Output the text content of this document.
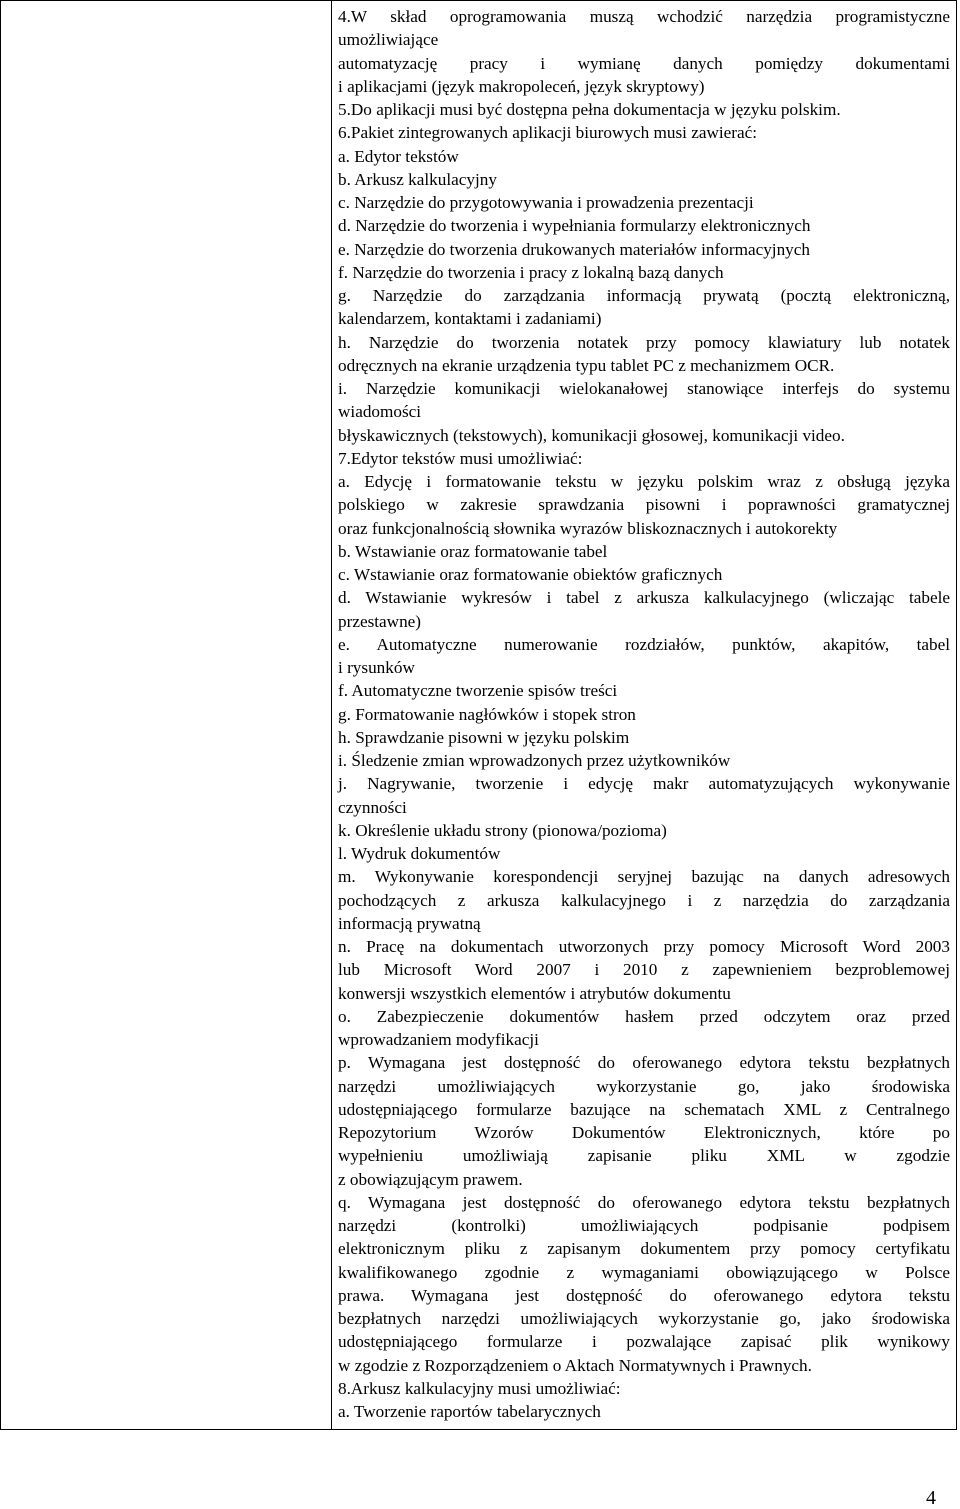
4.W skład oprogramowania muszą wchodzić narzędzia programistyczne
umożliwiające
automatyzację pracy i wymianę danych pomiędzy dokumentami
i aplikacjami (język makropoleceń, język skryptowy)
5.Do aplikacji musi być dostępna pełna dokumentacja w języku polskim.
6.Pakiet zintegrowanych aplikacji biurowych musi zawierać:
a. Edytor tekstów
b. Arkusz kalkulacyjny
c. Narzędzie do przygotowywania i prowadzenia prezentacji
d. Narzędzie do tworzenia i wypełniania formularzy elektronicznych
e. Narzędzie do tworzenia drukowanych materiałów informacyjnych
f. Narzędzie do tworzenia i pracy z lokalną bazą danych
g. Narzędzie do zarządzania informacją prywatą (pocztą elektroniczną,
kalendarzem, kontaktami i zadaniami)
h. Narzędzie do tworzenia notatek przy pomocy klawiatury lub notatek
odręcznych na ekranie urządzenia typu tablet PC z mechanizmem OCR.
i. Narzędzie komunikacji wielokanałowej stanowiące interfejs do systemu
wiadomości
błyskawicznych (tekstowych), komunikacji głosowej, komunikacji video.
7.Edytor tekstów musi umożliwiać:
a. Edycję i formatowanie tekstu w języku polskim wraz z obsługą języka
polskiego w zakresie sprawdzania pisowni i poprawności gramatycznej
oraz funkcjonalnością słownika wyrazów bliskoznacznych i autokorekty
b. Wstawianie oraz formatowanie tabel
c. Wstawianie oraz formatowanie obiektów graficznych
d. Wstawianie wykresów i tabel z arkusza kalkulacyjnego (wliczając tabele
przestawne)
e. Automatyczne numerowanie rozdziałów, punktów, akapitów, tabel
i rysunków
f. Automatyczne tworzenie spisów treści
g. Formatowanie nagłówków i stopek stron
h. Sprawdzanie pisowni w języku polskim
i. Śledzenie zmian wprowadzonych przez użytkowników
j. Nagrywanie, tworzenie i edycję makr automatyzujących wykonywanie
czynności
k. Określenie układu strony (pionowa/pozioma)
l. Wydruk dokumentów
m. Wykonywanie korespondencji seryjnej bazując na danych adresowych
pochodzących z arkusza kalkulacyjnego i z narzędzia do zarządzania
informacją prywatną
n. Pracę na dokumentach utworzonych przy pomocy Microsoft Word 2003
lub Microsoft Word 2007 i 2010 z zapewnieniem bezproblemowej
konwersji wszystkich elementów i atrybutów dokumentu
o. Zabezpieczenie dokumentów hasłem przed odczytem oraz przed
wprowadzaniem modyfikacji
p. Wymagana jest dostępność do oferowanego edytora tekstu bezpłatnych
narzędzi umożliwiających wykorzystanie go, jako środowiska
udostępniającego formularze bazujące na schematach XML z Centralnego
Repozytorium Wzorów Dokumentów Elektronicznych, które po
wypełnieniu umożliwiają zapisanie pliku XML w zgodzie
z obowiązującym prawem.
q. Wymagana jest dostępność do oferowanego edytora tekstu bezpłatnych
narzędzi (kontrolki) umożliwiających podpisanie podpisem
elektronicznym pliku z zapisanym dokumentem przy pomocy certyfikatu
kwalifikowanego zgodnie z wymaganiami obowiązującego w Polsce
prawa. Wymagana jest dostępność do oferowanego edytora tekstu
bezpłatnych narzędzi umożliwiających wykorzystanie go, jako środowiska
udostępniającego formularze i pozwalające zapisać plik wynikowy
w zgodzie z Rozporządzeniem o Aktach Normatywnych i Prawnych.
8.Arkusz kalkulacyjny musi umożliwiać:
a. Tworzenie raportów tabelarycznych
4
